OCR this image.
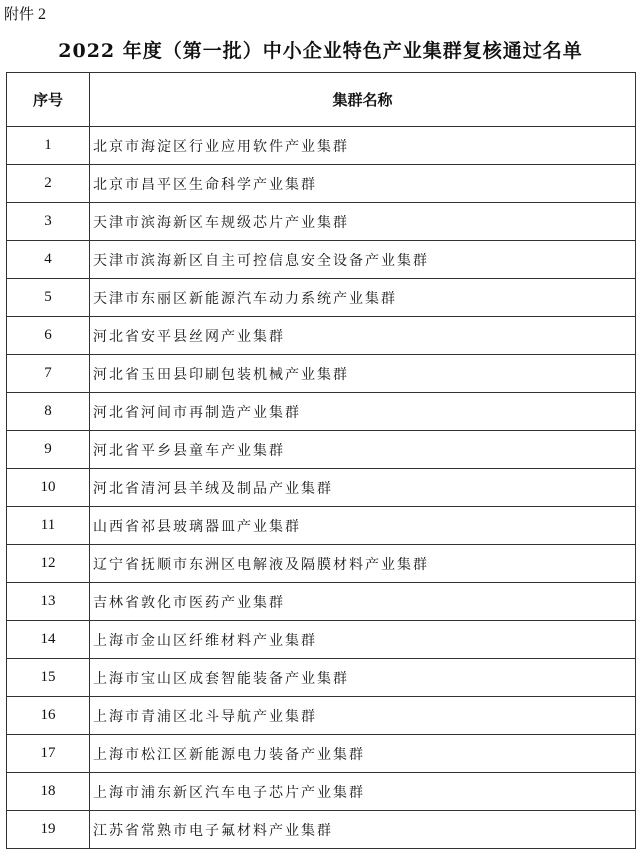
附件 2
2022 年度（第一批）中小企业特色产业集群复核通过名单
序号	集群名称
1	北京市海淀区行业应用软件产业集群
2	北京市昌平区生命科学产业集群
3	天津市滨海新区车规级芯片产业集群
4	天津市滨海新区自主可控信息安全设备产业集群
5	天津市东丽区新能源汽车动力系统产业集群
6	河北省安平县丝网产业集群
7	河北省玉田县印刷包装机械产业集群
8	河北省河间市再制造产业集群
9	河北省平乡县童车产业集群
10	河北省清河县羊绒及制品产业集群
11	山西省祁县玻璃器皿产业集群
12	辽宁省抚顺市东洲区电解液及隔膜材料产业集群
13	吉林省敦化市医药产业集群
14	上海市金山区纤维材料产业集群
15	上海市宝山区成套智能装备产业集群
16	上海市青浦区北斗导航产业集群
17	上海市松江区新能源电力装备产业集群
18	上海市浦东新区汽车电子芯片产业集群
19	江苏省常熟市电子氟材料产业集群
